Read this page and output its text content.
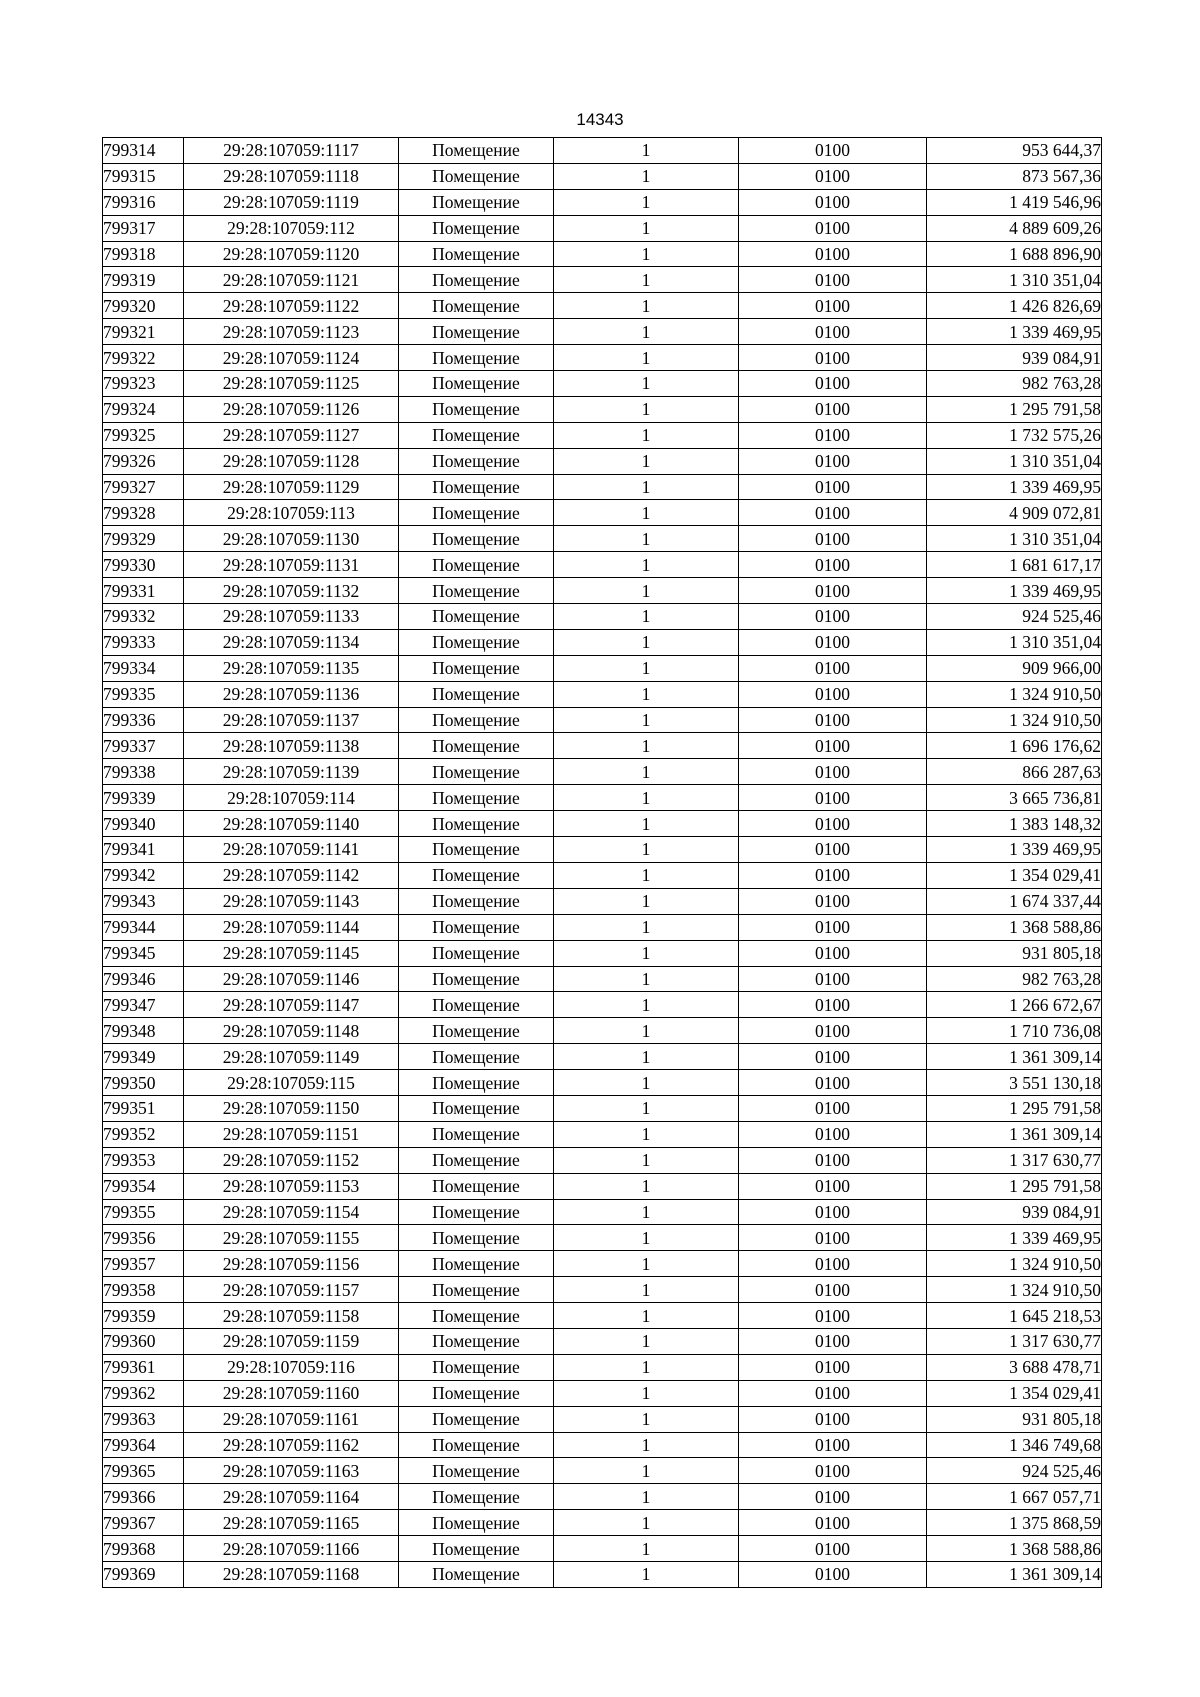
14343
799314	29:28:107059:1117	Помещение	1	0100	953 644,37
799315	29:28:107059:1118	Помещение	1	0100	873 567,36
799316	29:28:107059:1119	Помещение	1	0100	1 419 546,96
799317	29:28:107059:112	Помещение	1	0100	4 889 609,26
799318	29:28:107059:1120	Помещение	1	0100	1 688 896,90
799319	29:28:107059:1121	Помещение	1	0100	1 310 351,04
799320	29:28:107059:1122	Помещение	1	0100	1 426 826,69
799321	29:28:107059:1123	Помещение	1	0100	1 339 469,95
799322	29:28:107059:1124	Помещение	1	0100	939 084,91
799323	29:28:107059:1125	Помещение	1	0100	982 763,28
799324	29:28:107059:1126	Помещение	1	0100	1 295 791,58
799325	29:28:107059:1127	Помещение	1	0100	1 732 575,26
799326	29:28:107059:1128	Помещение	1	0100	1 310 351,04
799327	29:28:107059:1129	Помещение	1	0100	1 339 469,95
799328	29:28:107059:113	Помещение	1	0100	4 909 072,81
799329	29:28:107059:1130	Помещение	1	0100	1 310 351,04
799330	29:28:107059:1131	Помещение	1	0100	1 681 617,17
799331	29:28:107059:1132	Помещение	1	0100	1 339 469,95
799332	29:28:107059:1133	Помещение	1	0100	924 525,46
799333	29:28:107059:1134	Помещение	1	0100	1 310 351,04
799334	29:28:107059:1135	Помещение	1	0100	909 966,00
799335	29:28:107059:1136	Помещение	1	0100	1 324 910,50
799336	29:28:107059:1137	Помещение	1	0100	1 324 910,50
799337	29:28:107059:1138	Помещение	1	0100	1 696 176,62
799338	29:28:107059:1139	Помещение	1	0100	866 287,63
799339	29:28:107059:114	Помещение	1	0100	3 665 736,81
799340	29:28:107059:1140	Помещение	1	0100	1 383 148,32
799341	29:28:107059:1141	Помещение	1	0100	1 339 469,95
799342	29:28:107059:1142	Помещение	1	0100	1 354 029,41
799343	29:28:107059:1143	Помещение	1	0100	1 674 337,44
799344	29:28:107059:1144	Помещение	1	0100	1 368 588,86
799345	29:28:107059:1145	Помещение	1	0100	931 805,18
799346	29:28:107059:1146	Помещение	1	0100	982 763,28
799347	29:28:107059:1147	Помещение	1	0100	1 266 672,67
799348	29:28:107059:1148	Помещение	1	0100	1 710 736,08
799349	29:28:107059:1149	Помещение	1	0100	1 361 309,14
799350	29:28:107059:115	Помещение	1	0100	3 551 130,18
799351	29:28:107059:1150	Помещение	1	0100	1 295 791,58
799352	29:28:107059:1151	Помещение	1	0100	1 361 309,14
799353	29:28:107059:1152	Помещение	1	0100	1 317 630,77
799354	29:28:107059:1153	Помещение	1	0100	1 295 791,58
799355	29:28:107059:1154	Помещение	1	0100	939 084,91
799356	29:28:107059:1155	Помещение	1	0100	1 339 469,95
799357	29:28:107059:1156	Помещение	1	0100	1 324 910,50
799358	29:28:107059:1157	Помещение	1	0100	1 324 910,50
799359	29:28:107059:1158	Помещение	1	0100	1 645 218,53
799360	29:28:107059:1159	Помещение	1	0100	1 317 630,77
799361	29:28:107059:116	Помещение	1	0100	3 688 478,71
799362	29:28:107059:1160	Помещение	1	0100	1 354 029,41
799363	29:28:107059:1161	Помещение	1	0100	931 805,18
799364	29:28:107059:1162	Помещение	1	0100	1 346 749,68
799365	29:28:107059:1163	Помещение	1	0100	924 525,46
799366	29:28:107059:1164	Помещение	1	0100	1 667 057,71
799367	29:28:107059:1165	Помещение	1	0100	1 375 868,59
799368	29:28:107059:1166	Помещение	1	0100	1 368 588,86
799369	29:28:107059:1168	Помещение	1	0100	1 361 309,14
